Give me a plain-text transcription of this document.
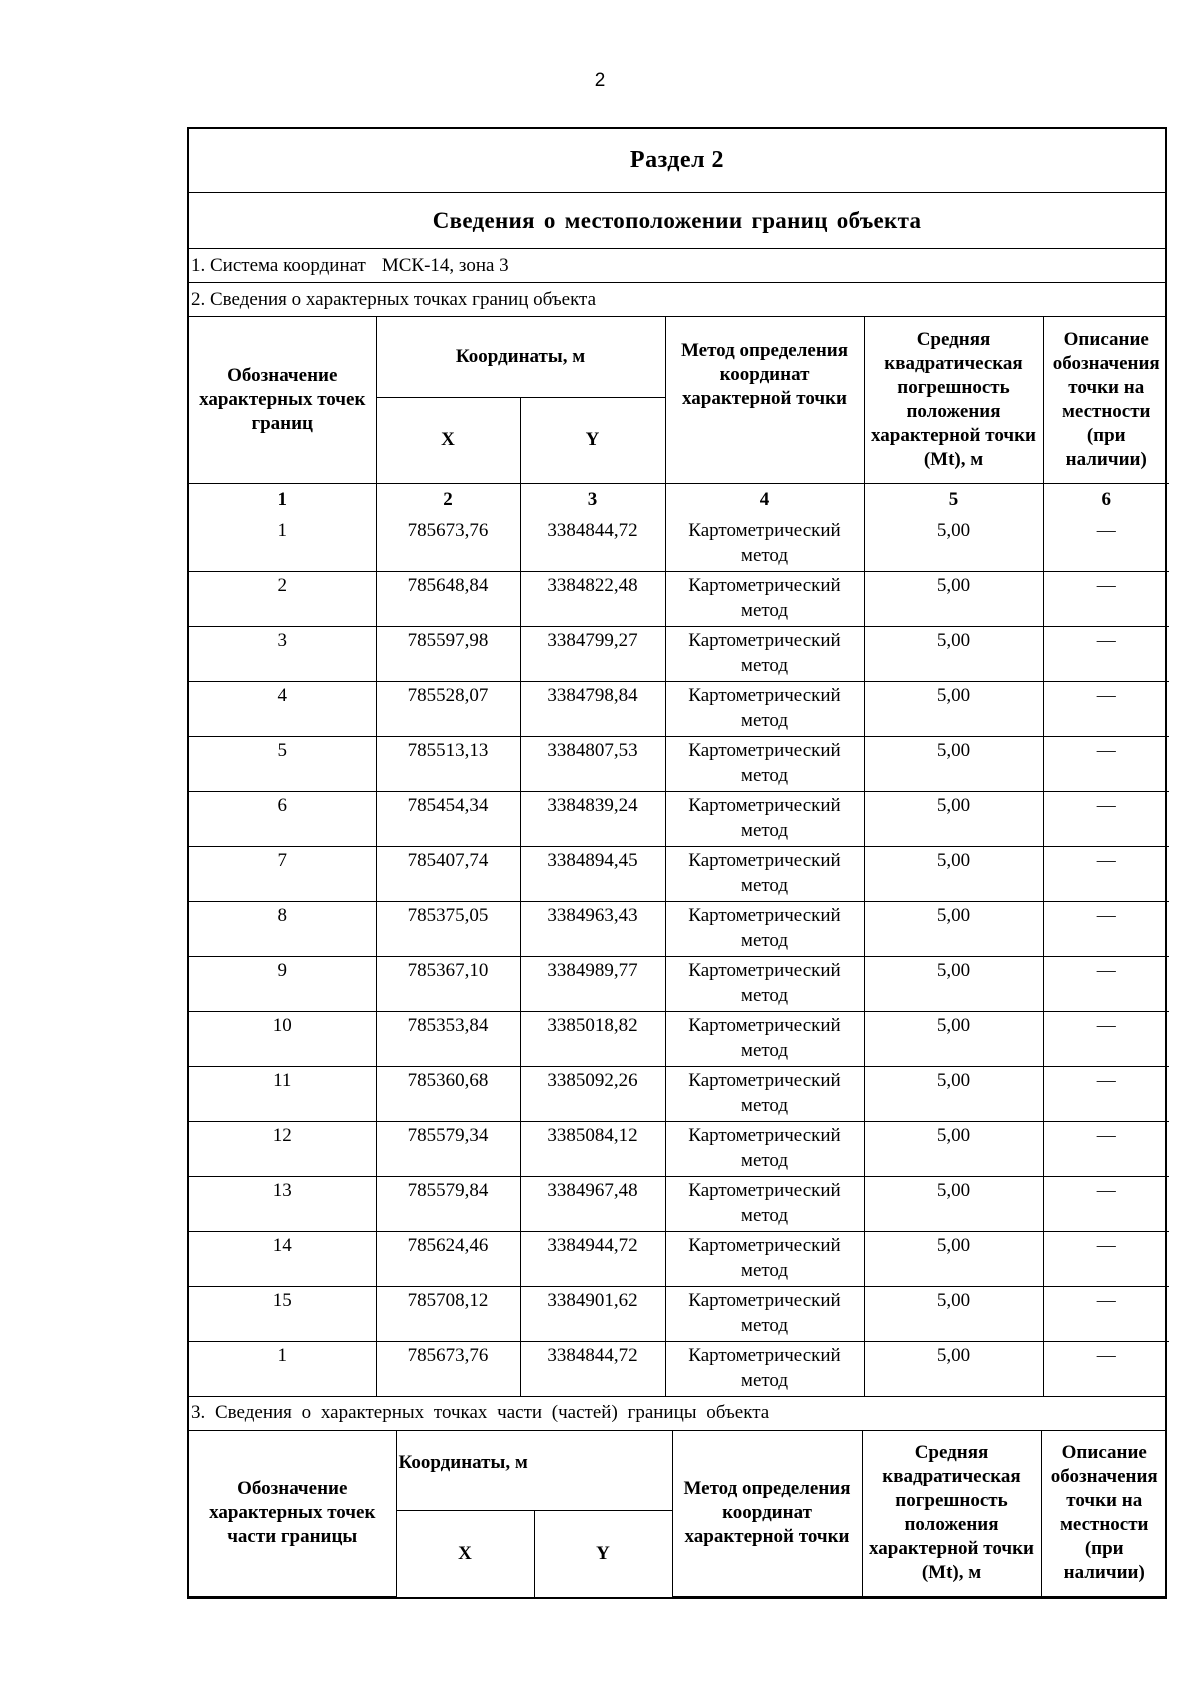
2
Раздел 2
Сведения о местоположении границ объекта
1. Система координат МСК-14, зона 3
2. Сведения о характерных точках границ объекта
Обозначение характерных точек границ	Координаты, м		Метод определения координат характерной точки	Средняя квадратическая погрешность положения характерной точки (Mt), м	Описание обозначения точки на местности (при наличии)
	X	Y			
1	2	3	4	5	6
1	785673,76	3384844,72	Картометрический метод	5,00	—
2	785648,84	3384822,48	Картометрический метод	5,00	—
3	785597,98	3384799,27	Картометрический метод	5,00	—
4	785528,07	3384798,84	Картометрический метод	5,00	—
5	785513,13	3384807,53	Картометрический метод	5,00	—
6	785454,34	3384839,24	Картометрический метод	5,00	—
7	785407,74	3384894,45	Картометрический метод	5,00	—
8	785375,05	3384963,43	Картометрический метод	5,00	—
9	785367,10	3384989,77	Картометрический метод	5,00	—
10	785353,84	3385018,82	Картометрический метод	5,00	—
11	785360,68	3385092,26	Картометрический метод	5,00	—
12	785579,34	3385084,12	Картометрический метод	5,00	—
13	785579,84	3384967,48	Картометрический метод	5,00	—
14	785624,46	3384944,72	Картометрический метод	5,00	—
15	785708,12	3384901,62	Картометрический метод	5,00	—
1	785673,76	3384844,72	Картометрический метод	5,00	—
3. Сведения о характерных точках части (частей) границы объекта
Обозначение характерных точек части границы	Координаты, м		Метод определения координат характерной точки	Средняя квадратическая погрешность положения характерной точки (Mt), м	Описание обозначения точки на местности (при наличии)
	X	Y			
